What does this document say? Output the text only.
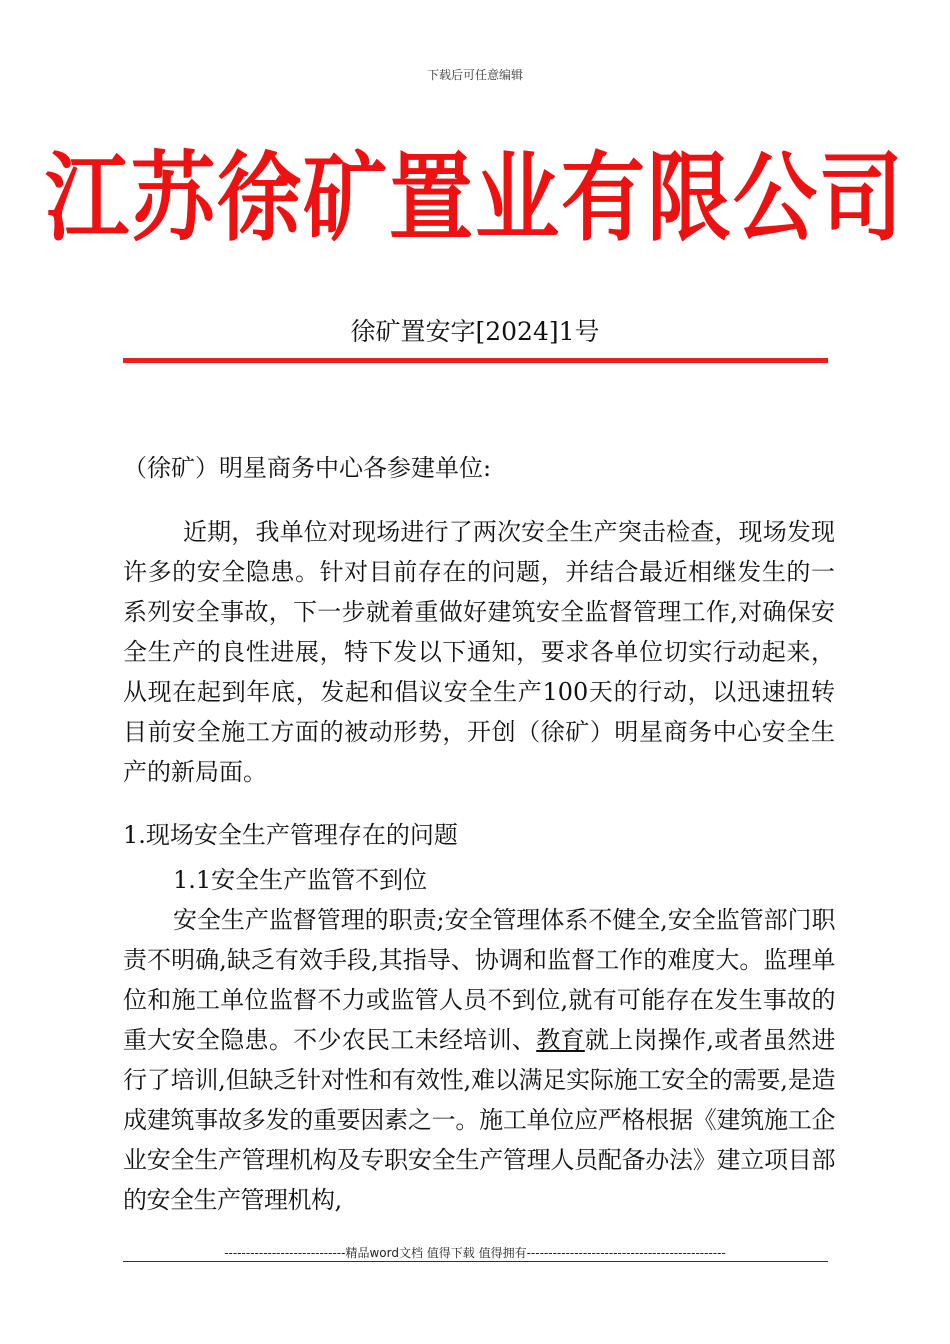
下载后可任意编辑
江苏徐矿置业有限公司
徐矿置安字[2024]1号
（徐矿）明星商务中心各参建单位:
近期，我单位对现场进行了两次安全生产突击检查，现场发现许多的安全隐患。针对目前存在的问题，并结合最近相继发生的一系列安全事故，下一步就着重做好建筑安全监督管理工作,对确保安全生产的良性进展，特下发以下通知，要求各单位切实行动起来，从现在起到年底，发起和倡议安全生产100天的行动，以迅速扭转目前安全施工方面的被动形势，开创（徐矿）明星商务中心安全生产的新局面。
1.现场安全生产管理存在的问题
1.1安全生产监管不到位
安全生产监督管理的职责;安全管理体系不健全,安全监管部门职责不明确,缺乏有效手段,其指导、协调和监督工作的难度大。监理单位和施工单位监督不力或监管人员不到位,就有可能存在发生事故的重大安全隐患。不少农民工未经培训、教育就上岗操作,或者虽然进行了培训,但缺乏针对性和有效性,难以满足实际施工安全的需要,是造成建筑事故多发的重要因素之一。施工单位应严格根据《建筑施工企业安全生产管理机构及专职安全生产管理人员配备办法》建立项目部的安全生产管理机构,
----------------------------精品word文档 值得下载 值得拥有----------------------------------------------
